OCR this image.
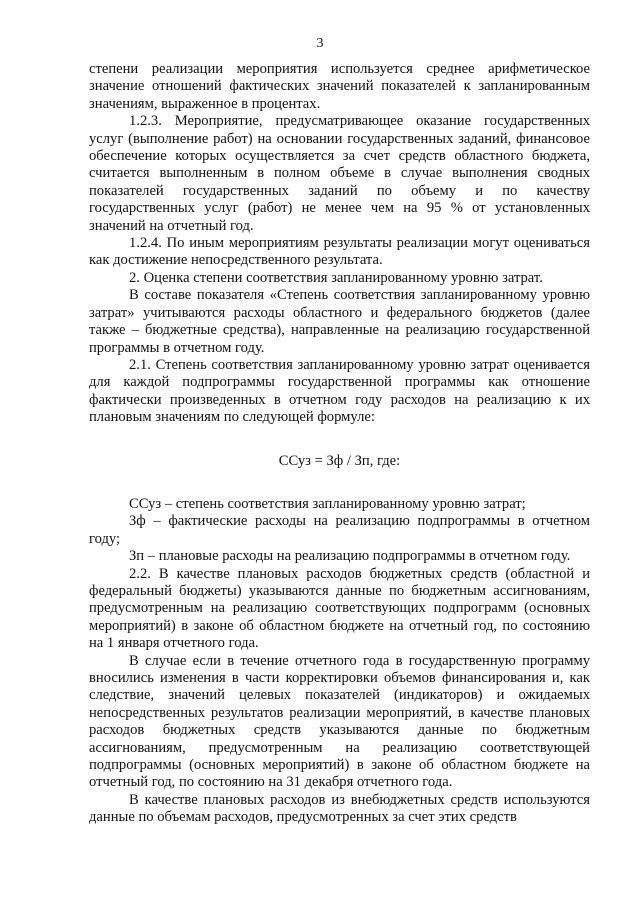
3

степени реализации мероприятия используется среднее арифметическое значение отношений фактических значений показателей к запланированным значениям, выраженное в процентах.

1.2.3. Мероприятие, предусматривающее оказание государственных услуг (выполнение работ) на основании государственных заданий, финансовое обеспечение которых осуществляется за счет средств областного бюджета, считается выполненным в полном объеме в случае выполнения сводных показателей государственных заданий по объему и по качеству государственных услуг (работ) не менее чем на 95 % от установленных значений на отчетный год.

1.2.4. По иным мероприятиям результаты реализации могут оцениваться как достижение непосредственного результата.

2. Оценка степени соответствия запланированному уровню затрат.

В составе показателя «Степень соответствия запланированному уровню затрат» учитываются расходы областного и федерального бюджетов (далее также – бюджетные средства), направленные на реализацию государственной программы в отчетном году.

2.1. Степень соответствия запланированному уровню затрат оценивается для каждой подпрограммы государственной программы как отношение фактически произведенных в отчетном году расходов на реализацию к их плановым значениям по следующей формуле:

ССуз = Зф / Зп, где:

ССуз – степень соответствия запланированному уровню затрат;

Зф – фактические расходы на реализацию подпрограммы в отчетном году;

Зп – плановые расходы на реализацию подпрограммы в отчетном году.

2.2. В качестве плановых расходов бюджетных средств (областной и федеральный бюджеты) указываются данные по бюджетным ассигнованиям, предусмотренным на реализацию соответствующих подпрограмм (основных мероприятий) в законе об областном бюджете на отчетный год, по состоянию на 1 января отчетного года.

В случае если в течение отчетного года в государственную программу вносились изменения в части корректировки объемов финансирования и, как следствие, значений целевых показателей (индикаторов) и ожидаемых непосредственных результатов реализации мероприятий, в качестве плановых расходов бюджетных средств указываются данные по бюджетным ассигнованиям, предусмотренным на реализацию соответствующей подпрограммы (основных мероприятий) в законе об областном бюджете на отчетный год, по состоянию на 31 декабря отчетного года.

В качестве плановых расходов из внебюджетных средств используются данные по объемам расходов, предусмотренных за счет этих средств
